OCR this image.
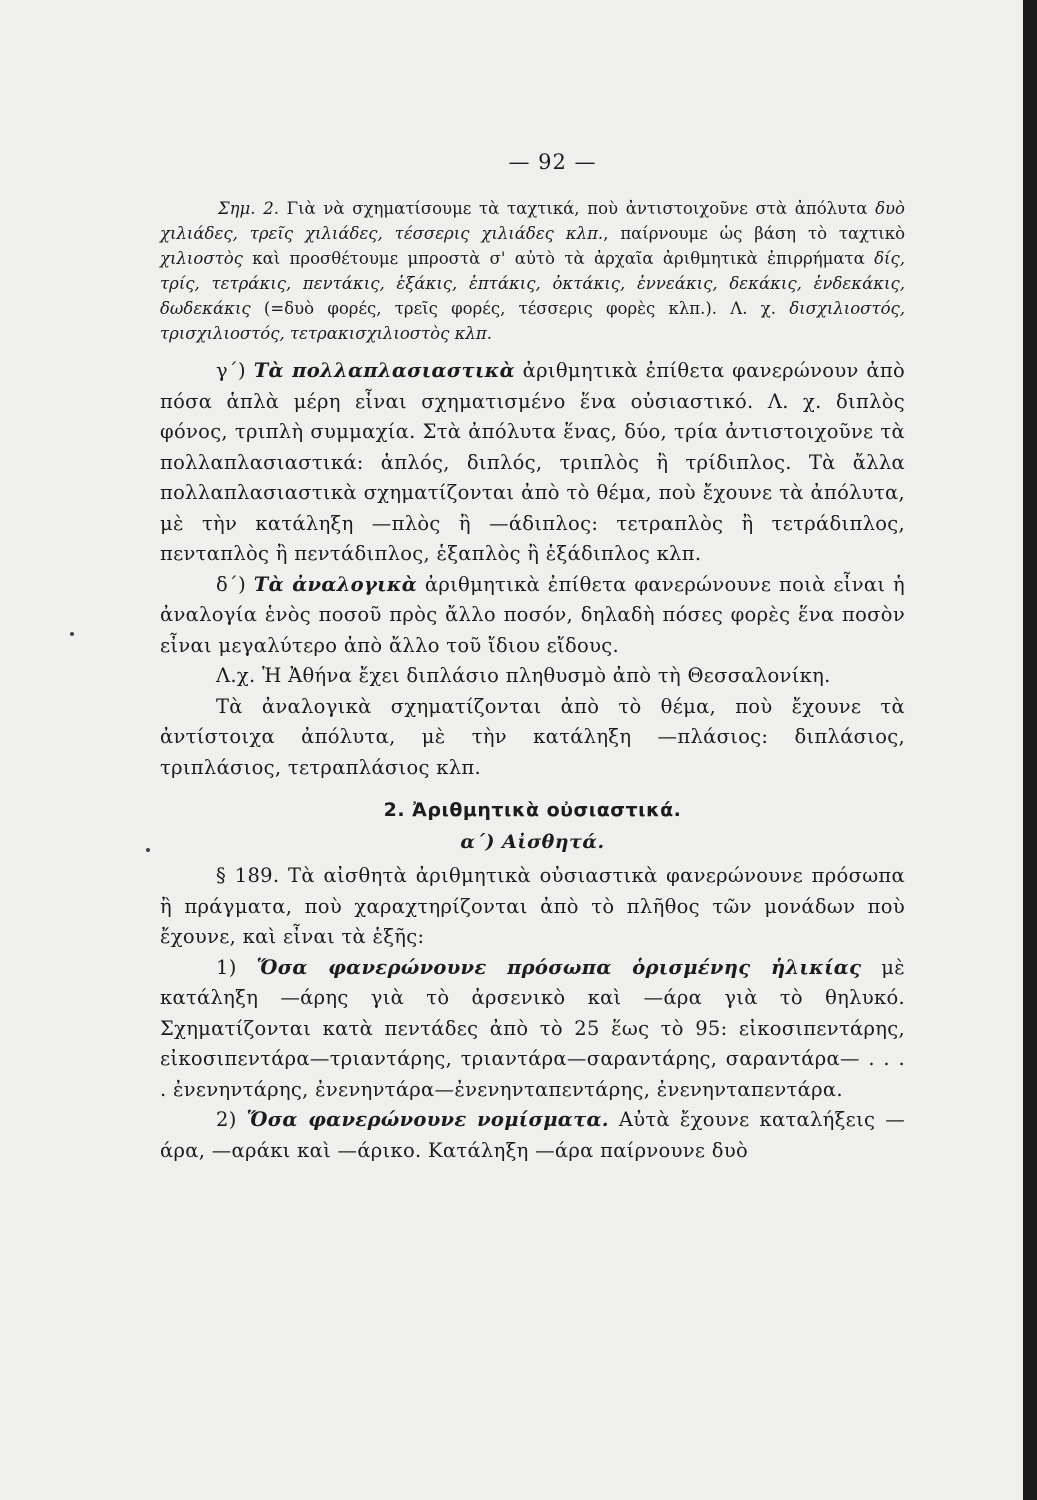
— 92 —
Σημ. 2. Γιὰ νὰ σχηματίσουμε τὰ ταχτικά, ποὺ ἀντιστοιχοῦνε στὰ ἀπόλυτα δυὸ χιλιάδες, τρεῖς χιλιάδες, τέσσερις χιλιάδες κλπ., παίρνουμε ὡς βάση τὸ ταχτικὸ χιλιοστὸς καὶ προσθέτουμε μπροστὰ σ' αὐτὸ τὰ ἀρχαῖα ἀριθμητικὰ ἐπιρρήματα δίς, τρίς, τετράκις, πεντάκις, ἑξάκις, ἑπτάκις, ὀκτάκις, ἐννεάκις, δεκάκις, ἑνδεκάκις, δωδεκάκις (=δυὸ φορές, τρεῖς φορές, τέσσερις φορὲς κλπ.). Λ. χ. δισχιλιοστός, τρισχιλιοστός, τετρακισχιλιοστὸς κλπ.

γ΄) Τὰ πολλαπλασιαστικὰ ἀριθμητικὰ ἐπίθετα φανερώνουν ἀπὸ πόσα ἁπλὰ μέρη εἶναι σχηματισμένο ἕνα οὐσιαστικό. Λ. χ. διπλὸς φόνος, τριπλὴ συμμαχία. Στὰ ἀπόλυτα ἕνας, δύο, τρία ἀντιστοιχοῦνε τὰ πολλαπλασιαστικά: ἁπλός, διπλός, τριπλὸς ἢ τρίδιπλος. Τὰ ἄλλα πολλαπλασιαστικὰ σχηματίζονται ἀπὸ τὸ θέμα, ποὺ ἔχουνε τὰ ἀπόλυτα, μὲ τὴν κατάληξη —πλὸς ἢ —άδιπλος: τετραπλὸς ἢ τετράδιπλος, πενταπλὸς ἢ πεντάδιπλος, ἑξαπλὸς ἢ ἑξάδιπλος κλπ.

δ΄) Τὰ ἀναλογικὰ ἀριθμητικὰ ἐπίθετα φανερώνουνε ποιὰ εἶναι ἡ ἀναλογία ἑνὸς ποσοῦ πρὸς ἄλλο ποσόν, δηλαδὴ πόσες φορὲς ἕνα ποσὸν εἶναι μεγαλύτερο ἀπὸ ἄλλο τοῦ ἴδιου εἴδους.

Λ.χ. Ἡ Ἀθήνα ἔχει διπλάσιο πληθυσμὸ ἀπὸ τὴ Θεσσαλονίκη.

Τὰ ἀναλογικὰ σχηματίζονται ἀπὸ τὸ θέμα, ποὺ ἔχουνε τὰ ἀντίστοιχα ἀπόλυτα, μὲ τὴν κατάληξη —πλάσιος: διπλάσιος, τριπλάσιος, τετραπλάσιος κλπ.

2. Ἀριθμητικὰ οὐσιαστικά.
α΄) Αἰσθητά.

§ 189. Τὰ αἰσθητὰ ἀριθμητικὰ οὐσιαστικὰ φανερώνουνε πρόσωπα ἢ πράγματα, ποὺ χαραχτηρίζονται ἀπὸ τὸ πλῆθος τῶν μονάδων ποὺ ἔχουνε, καὶ εἶναι τὰ ἑξῆς:

1) Ὅσα φανερώνουνε πρόσωπα ὁρισμένης ἡλικίας μὲ κατάληξη —άρης γιὰ τὸ ἀρσενικὸ καὶ —άρα γιὰ τὸ θηλυκό. Σχηματίζονται κατὰ πεντάδες ἀπὸ τὸ 25 ἕως τὸ 95: εἰκοσιπεντάρης, εἰκοσιπεντάρα—τριαντάρης, τριαντάρα—σαραντάρης, σαραντάρα— . . . . ἐνενηντάρης, ἐνενηντάρα—ἐνενηνταπεντάρης, ἐνενηνταπεντάρα.

2) Ὅσα φανερώνουνε νομίσματα. Αὐτὰ ἔχουνε καταλήξεις —άρα, —αράκι καὶ —άρικο. Κατάληξη —άρα παίρνουνε δυὸ
